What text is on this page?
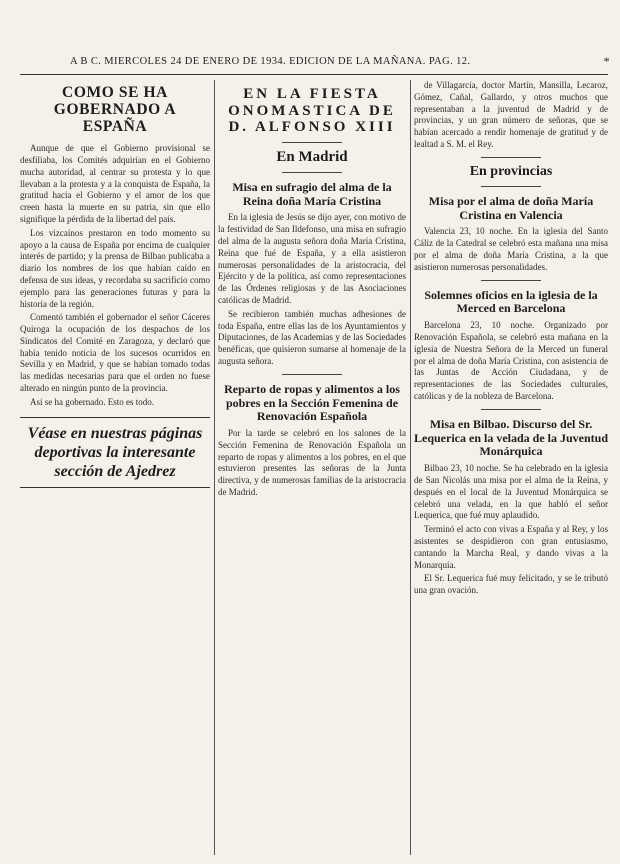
A B C. MIERCOLES 24 DE ENERO DE 1934. EDICION DE LA MAÑANA. PAG. 12.	*
COMO SE HA GOBERNADO A ESPAÑA

Aunque de que el Gobierno provisional se desfiliaba, los Comités adquirían en el Gobierno mucha autoridad, al centrar su protesta y lo que llevaban a la protesta y a la conquista de España, la gratitud hacia el Gobierno y el amor de los que creen hasta la muerte en su patria, sin que ello signifique la pérdida de la libertad del país.

Los vizcaínos prestaron en todo momento su apoyo a la causa de España por encima de cualquier interés de partido; y la prensa de Bilbao publicaba a diario los nombres de los que habían caído en defensa de sus ideas, y recordaba su sacrificio como ejemplo para las generaciones futuras y para la historia de la región.

Comentó también el gobernador el señor Cáceres Quiroga la ocupación de los despachos de los Sindicatos del Comité en Zaragoza, y declaró que había tenido noticia de los sucesos ocurridos en Sevilla y en Madrid, y que se habían tomado todas las medidas necesarias para que el orden no fuese alterado en ningún punto de la provincia.

Así se ha gobernado. Esto es todo.

Véase en nuestras páginas deportivas la interesante sección de Ajedrez
EN LA FIESTA ONOMASTICA DE D. ALFONSO XIII
En Madrid
Misa en sufragio del alma de la Reina doña María Cristina

En la iglesia de Jesús se dijo ayer, con motivo de la festividad de San Ildefonso, una misa en sufragio del alma de la augusta señora doña María Cristina, Reina que fué de España, y a ella asistieron numerosas personalidades de la aristocracia, del Ejército y de la política, así como representaciones de las Órdenes religiosas y de las Asociaciones católicas de Madrid.

Se recibieron también muchas adhesiones de toda España, entre ellas las de los Ayuntamientos y Diputaciones, de las Academias y de las Sociedades benéficas, que quisieron sumarse al homenaje de la augusta señora.

Reparto de ropas y alimentos a los pobres en la Sección Femenina de Renovación Española

Por la tarde se celebró en los salones de la Sección Femenina de Renovación Española un reparto de ropas y alimentos a los pobres, en el que estuvieron presentes las señoras de la Junta directiva, y de numerosas familias de la aristocracia de Madrid.

de Villagarcía, doctor Martín, Mansilla, Lecaroz, Gómez, Cañal, Gallardo, y otros muchos que representaban a la juventud de Madrid y de provincias, y un gran número de señoras, que se habían acercado a rendir homenaje de gratitud y de lealtad a S. M. el Rey.

En provincias
Misa por el alma de doña María Cristina en Valencia

Valencia 23, 10 noche. En la iglesia del Santo Cáliz de la Catedral se celebró esta mañana una misa por el alma de doña María Cristina, a la que asistieron numerosas personalidades.

Solemnes oficios en la iglesia de la Merced en Barcelona

Barcelona 23, 10 noche. Organizado por Renovación Española, se celebró esta mañana en la iglesia de Nuestra Señora de la Merced un funeral por el alma de doña María Cristina, con asistencia de las Juntas de Acción Ciudadana, y de representaciones de las Sociedades culturales, católicas y de la nobleza de Barcelona.

Misa en Bilbao. Discurso del Sr. Lequerica en la velada de la Juventud Monárquica

Bilbao 23, 10 noche. Se ha celebrado en la iglesia de San Nicolás una misa por el alma de la Reina, y después en el local de la Juventud Monárquica se celebró una velada, en la que habló el señor Lequerica, que fué muy aplaudido.

Terminó el acto con vivas a España y al Rey, y los asistentes se despidieron con gran entusiasmo, cantando la Marcha Real, y dando vivas a la Monarquía.

El Sr. Lequerica fué muy felicitado, y se le tributó una gran ovación.
